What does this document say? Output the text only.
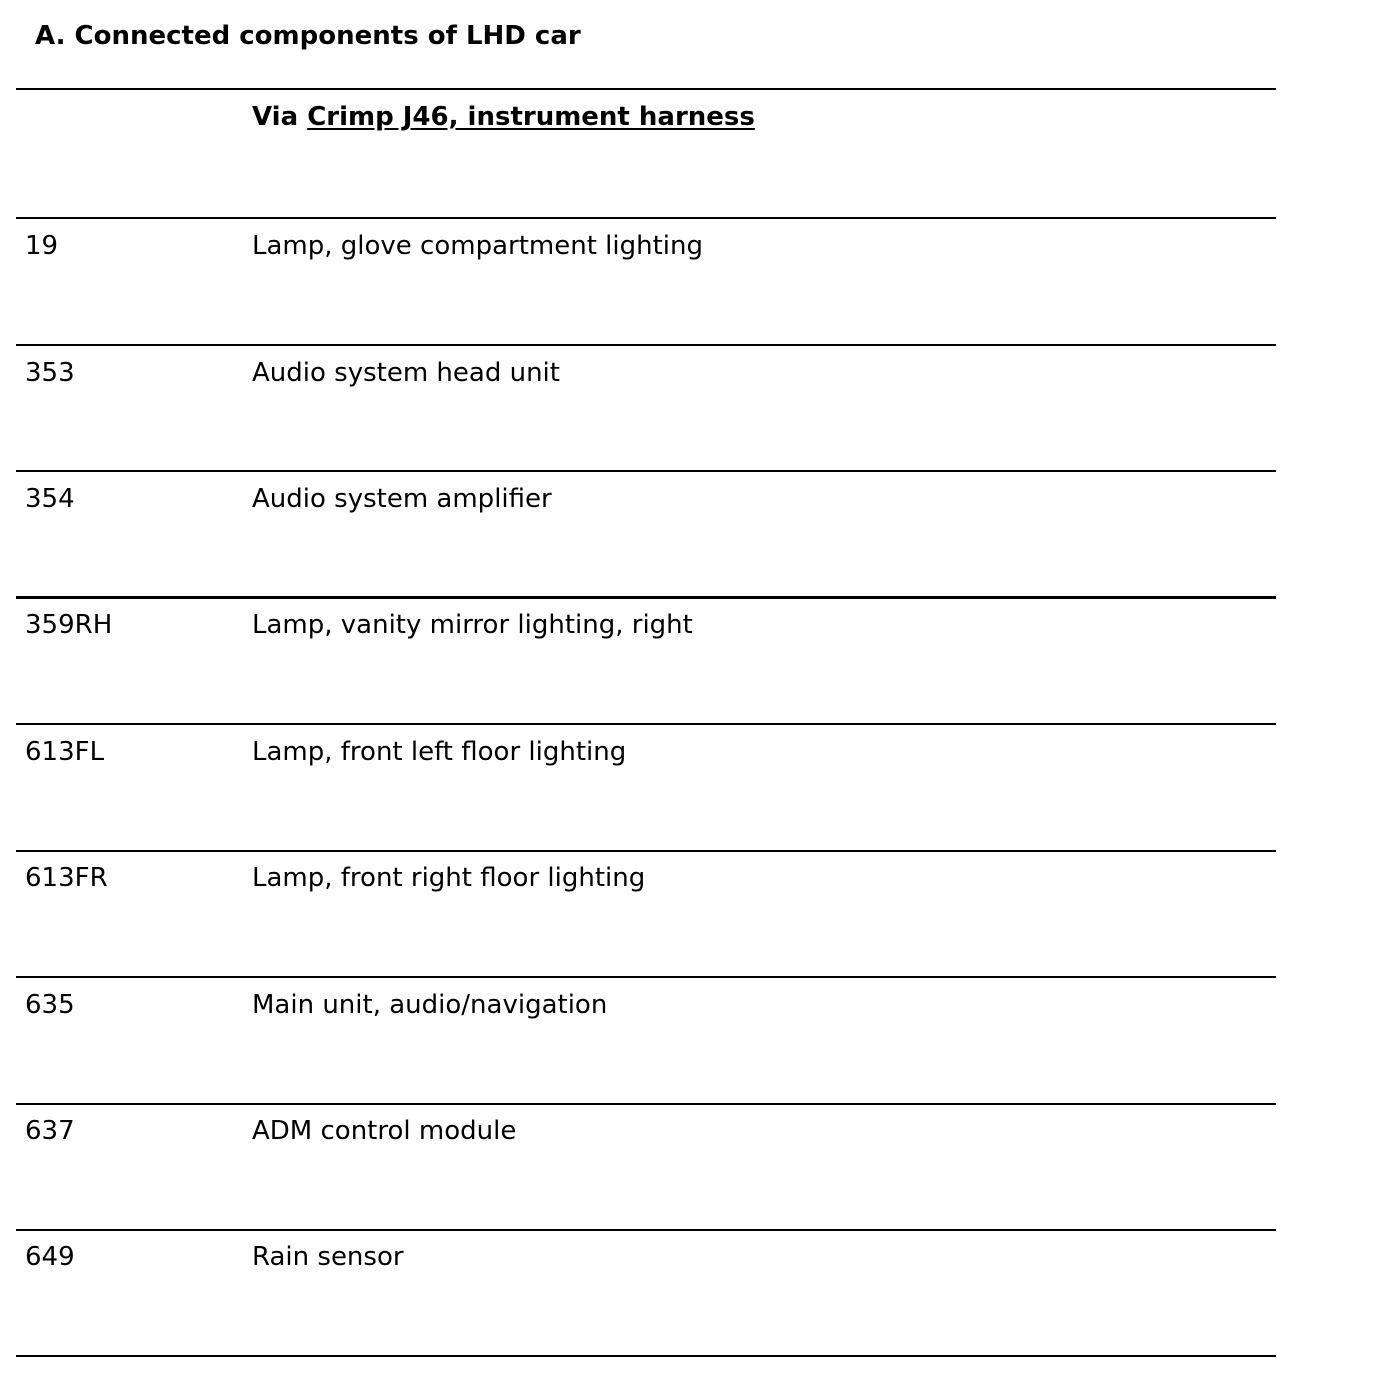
A. Connected components of LHD car
Via Crimp J46, instrument harness
19	Lamp, glove compartment lighting
353	Audio system head unit
354	Audio system amplifier
359RH	Lamp, vanity mirror lighting, right
613FL	Lamp, front left floor lighting
613FR	Lamp, front right floor lighting
635	Main unit, audio/navigation
637	ADM control module
649	Rain sensor
